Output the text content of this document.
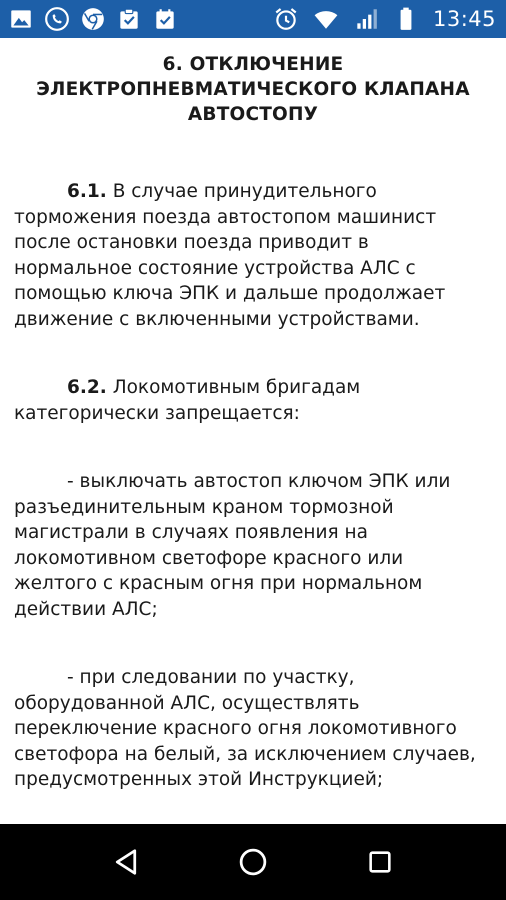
13:45
6. ОТКЛЮЧЕНИЕ ЭЛЕКТРОПНЕВМАТИЧЕСКОГО КЛАПАНА АВТОСТОПУ

6.1. В случае принудительного торможения поезда автостопом машинист после остановки поезда приводит в нормальное состояние устройства АЛС с помощью ключа ЭПК и дальше продолжает движение с включенными устройствами.

6.2. Локомотивным бригадам категорически запрещается:

- выключать автостоп ключом ЭПК или разъединительным краном тормозной магистрали в случаях появления на локомотивном светофоре красного или желтого с красным огня при нормальном действии АЛС;

- при следовании по участку, оборудованной АЛС, осуществлять переключение красного огня локомотивного светофора на белый, за исключением случаев, предусмотренных этой Инструкцией;
